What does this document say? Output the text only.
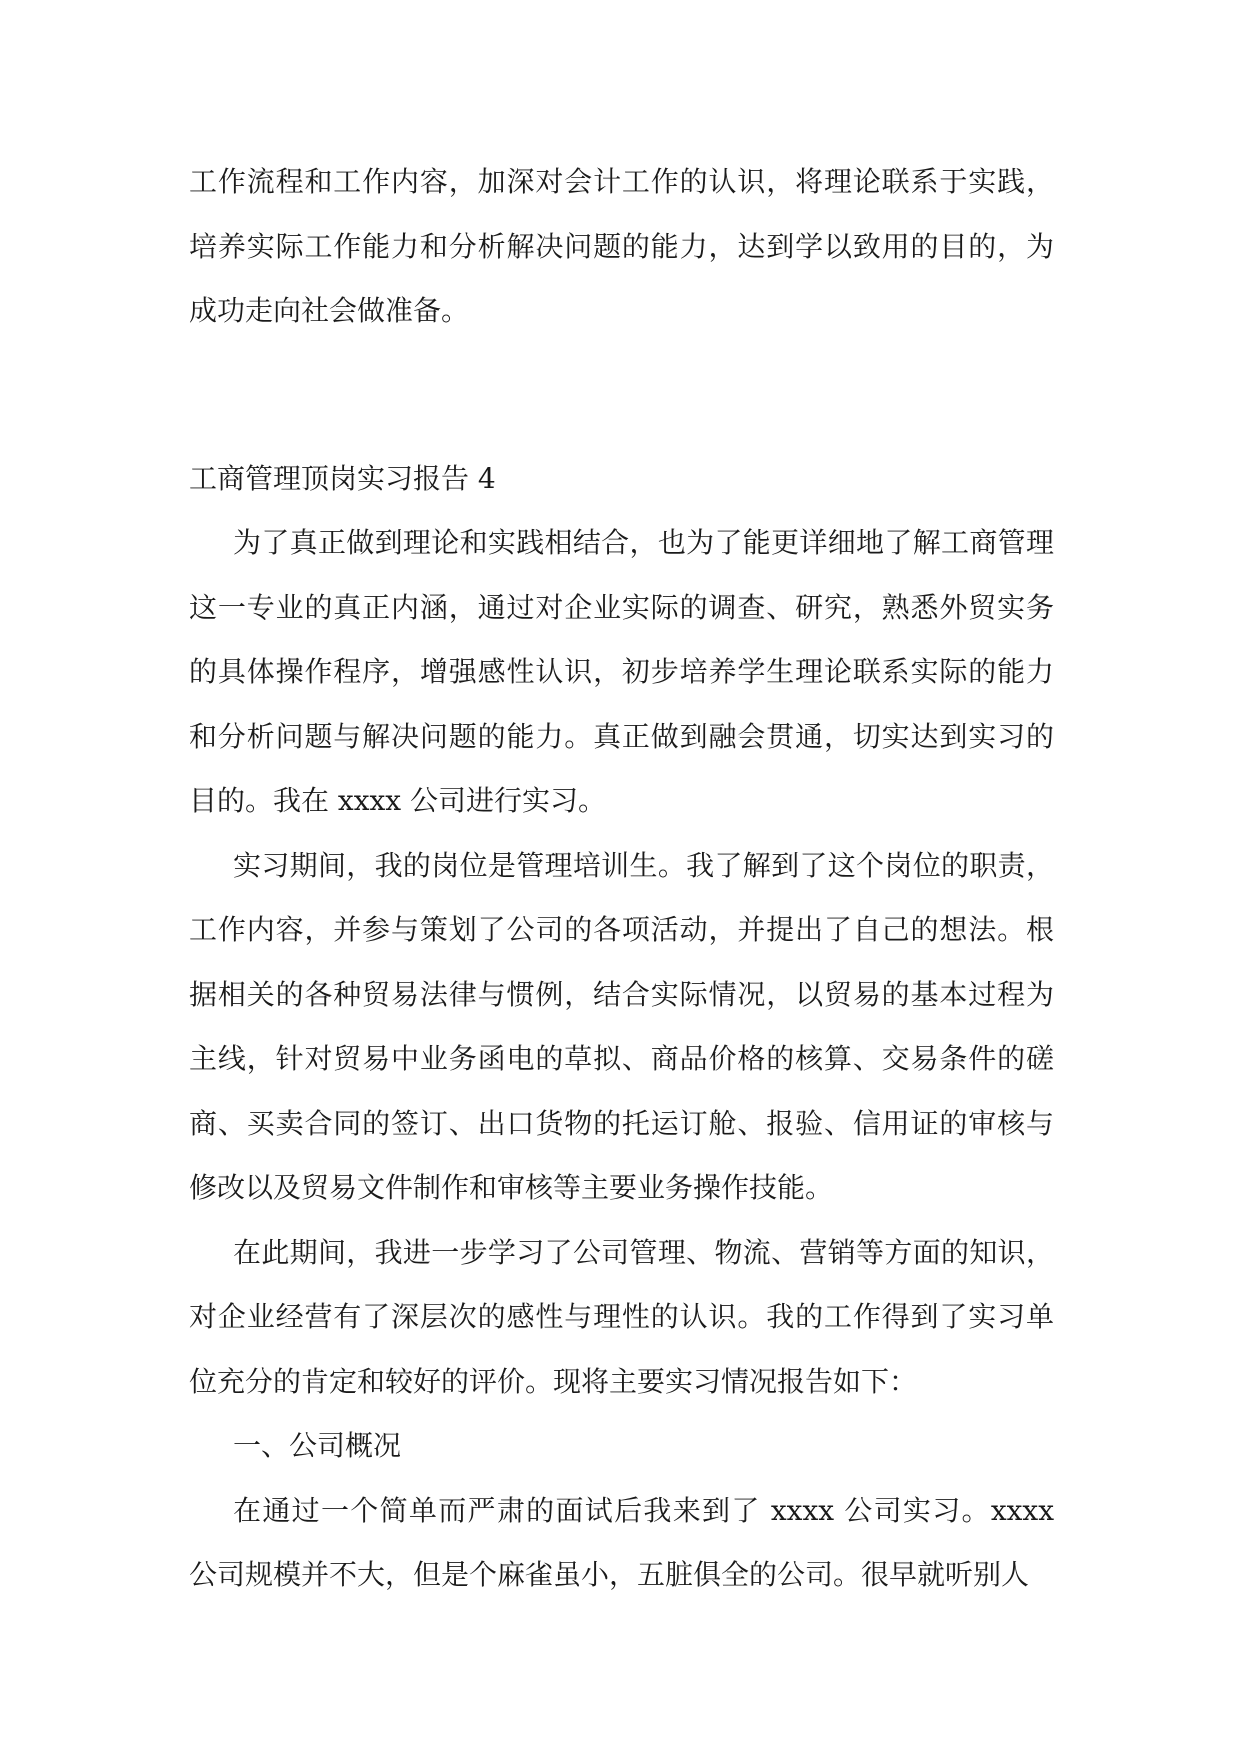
工作流程和工作内容，加深对会计工作的认识，将理论联系于实践，培养实际工作能力和分析解决问题的能力，达到学以致用的目的，为成功走向社会做准备。

工商管理顶岗实习报告 4

为了真正做到理论和实践相结合，也为了能更详细地了解工商管理这一专业的真正内涵，通过对企业实际的调查、研究，熟悉外贸实务的具体操作程序，增强感性认识，初步培养学生理论联系实际的能力和分析问题与解决问题的能力。真正做到融会贯通，切实达到实习的目的。我在 xxxx 公司进行实习。

实习期间，我的岗位是管理培训生。我了解到了这个岗位的职责，工作内容，并参与策划了公司的各项活动，并提出了自己的想法。根据相关的各种贸易法律与惯例，结合实际情况，以贸易的基本过程为主线，针对贸易中业务函电的草拟、商品价格的核算、交易条件的磋商、买卖合同的签订、出口货物的托运订舱、报验、信用证的审核与修改以及贸易文件制作和审核等主要业务操作技能。

在此期间，我进一步学习了公司管理、物流、营销等方面的知识，对企业经营有了深层次的感性与理性的认识。我的工作得到了实习单位充分的肯定和较好的评价。现将主要实习情况报告如下：

一、公司概况

在通过一个简单而严肃的面试后我来到了 xxxx 公司实习。xxxx 公司规模并不大，但是个麻雀虽小，五脏俱全的公司。很早就听别人
